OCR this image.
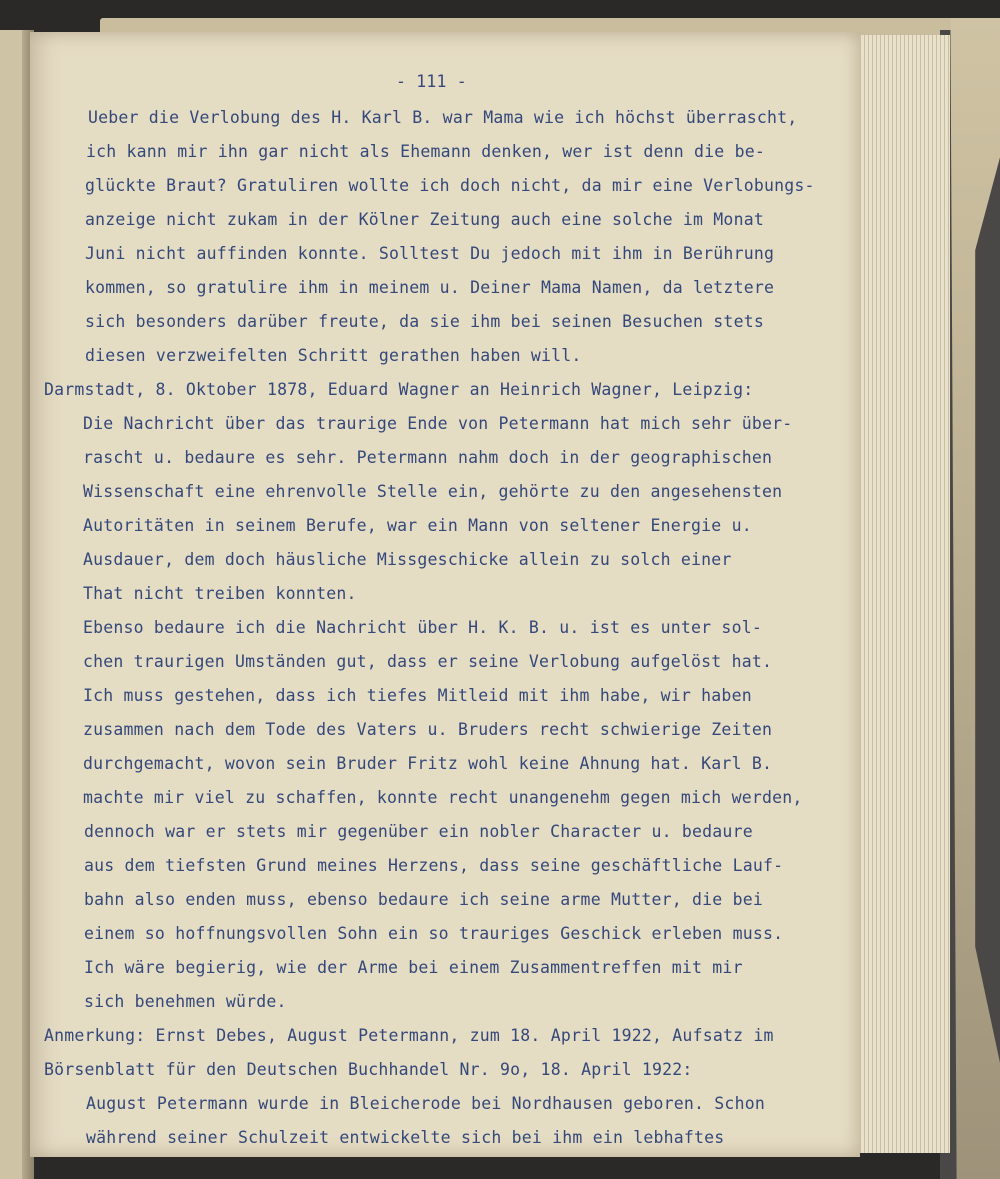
- 111 -
Ueber die Verlobung des H. Karl B. war Mama wie ich höchst überrascht,
ich kann mir ihn gar nicht als Ehemann denken, wer ist denn die be-
glückte Braut? Gratuliren wollte ich doch nicht, da mir eine Verlobungs-
anzeige nicht zukam in der Kölner Zeitung auch eine solche im Monat
Juni nicht auffinden konnte. Solltest Du jedoch mit ihm in Berührung
kommen, so gratulire ihm in meinem u. Deiner Mama Namen, da letztere
sich besonders darüber freute, da sie ihm bei seinen Besuchen stets
diesen verzweifelten Schritt gerathen haben will.
Darmstadt, 8. Oktober 1878, Eduard Wagner an Heinrich Wagner, Leipzig:
Die Nachricht über das traurige Ende von Petermann hat mich sehr über-
rascht u. bedaure es sehr. Petermann nahm doch in der geographischen
Wissenschaft eine ehrenvolle Stelle ein, gehörte zu den angesehensten
Autoritäten in seinem Berufe, war ein Mann von seltener Energie u.
Ausdauer, dem doch häusliche Missgeschicke allein zu solch einer
That nicht treiben konnten.
Ebenso bedaure ich die Nachricht über H. K. B. u. ist es unter sol-
chen traurigen Umständen gut, dass er seine Verlobung aufgelöst hat.
Ich muss gestehen, dass ich tiefes Mitleid mit ihm habe, wir haben
zusammen nach dem Tode des Vaters u. Bruders recht schwierige Zeiten
durchgemacht, wovon sein Bruder Fritz wohl keine Ahnung hat. Karl B.
machte mir viel zu schaffen, konnte recht unangenehm gegen mich werden,
dennoch war er stets mir gegenüber ein nobler Character u. bedaure
aus dem tiefsten Grund meines Herzens, dass seine geschäftliche Lauf-
bahn also enden muss, ebenso bedaure ich seine arme Mutter, die bei
einem so hoffnungsvollen Sohn ein so trauriges Geschick erleben muss.
Ich wäre begierig, wie der Arme bei einem Zusammentreffen mit mir
sich benehmen würde.
Anmerkung: Ernst Debes, August Petermann, zum 18. April 1922, Aufsatz im
Börsenblatt für den Deutschen Buchhandel Nr. 9o, 18. April 1922:
August Petermann wurde in Bleicherode bei Nordhausen geboren. Schon
während seiner Schulzeit entwickelte sich bei ihm ein lebhaftes
